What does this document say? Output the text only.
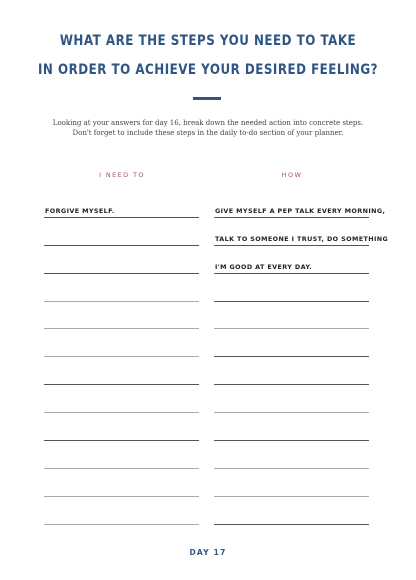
WHAT ARE THE STEPS YOU NEED TO TAKE
IN ORDER TO ACHIEVE YOUR DESIRED FEELING?
Looking at your answers for day 16, break down the needed action into concrete steps.
Don't forget to include these steps in the daily to-do section of your planner.
I NEED TO	HOW
FORGIVE MYSELF.	GIVE MYSELF A PEP TALK EVERY MORNING,
TALK TO SOMEONE I TRUST, DO SOMETHING
I'M GOOD AT EVERY DAY.
DAY 17
